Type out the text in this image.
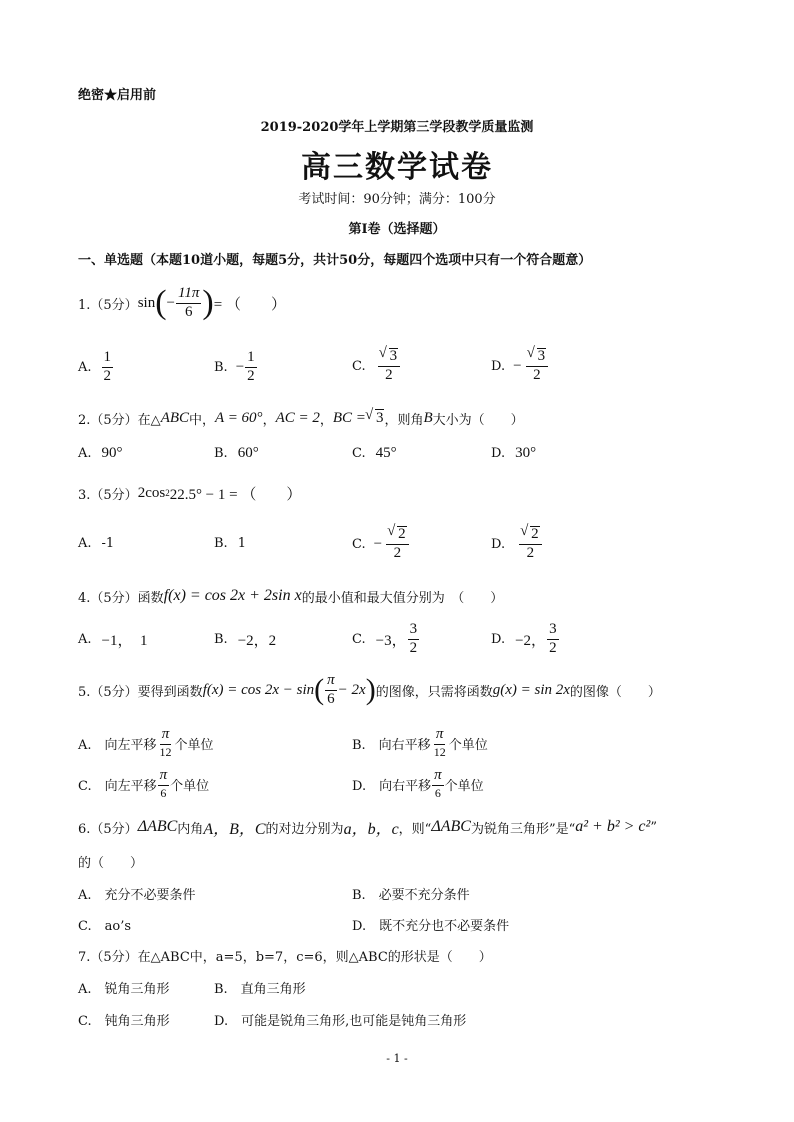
绝密★启用前
2019-2020学年上学期第三学段教学质量监测
高三数学试卷
考试时间：90分钟；满分：100分
第I卷（选择题）
一、单选题（本题10道小题，每题5分，共计50分，每题四个选项中只有一个符合题意）
1.（5分） sin ( − $\frac{11\pi}{6}$ ) = （　　）
A. $\frac{1}{2}$	B. − $\frac{1}{2}$	C. √ $\frac{3}{2}$	D. − √ $\frac{3}{2}$
2.（5分）在△ ABC 中， A = 60° ， AC = 2 ， BC = √ 3 ，则角 B 大小为（　　）
A. 90°	B. 60°	C. 45°	D. 30°
3.（5分） 2cos 2 22.5° − 1 = （　　）
A. -1	B. 1	C. − √ $\frac{2}{2}$	D. √ $\frac{2}{2}$
4.（5分）函数 f(x) = cos 2x + 2sin x 的最小值和最大值分别为　（　　）
A. −1，　1	B. −2，2	C. −3， $\frac{3}{2}$	D. −2， $\frac{3}{2}$
5.（5分）要得到函数 f(x) = cos 2x − sin ( $\frac{\pi}{6} - 2x$ ) 的图像，只需将函数 g(x) = sin 2x 的图像（　　）
A.　向左平移 $\frac{\pi}{12}$ 个单位	B.　向右平移 $\frac{\pi}{12}$ 个单位
C.　向左平移 $\frac{\pi}{6}$ 个单位	D.　向右平移 $\frac{\pi}{6}$ 个单位
6.（5分） ΔABC 内角 A，B，C 的对边分别为 a，b，c ，则“ ΔABC 为锐角三角形”是“ a² + b² > c² ”
的（　　）
A.　充分不必要条件	B.　必要不充分条件
C.　ao’s	D.　既不充分也不必要条件
7.（5分）在△ABC中，a=5，b=7，c=6，则△ABC的形状是（　　）
A.　锐角三角形	B.　直角三角形
C.　钝角三角形	D.　可能是锐角三角形,也可能是钝角三角形
- 1 -
